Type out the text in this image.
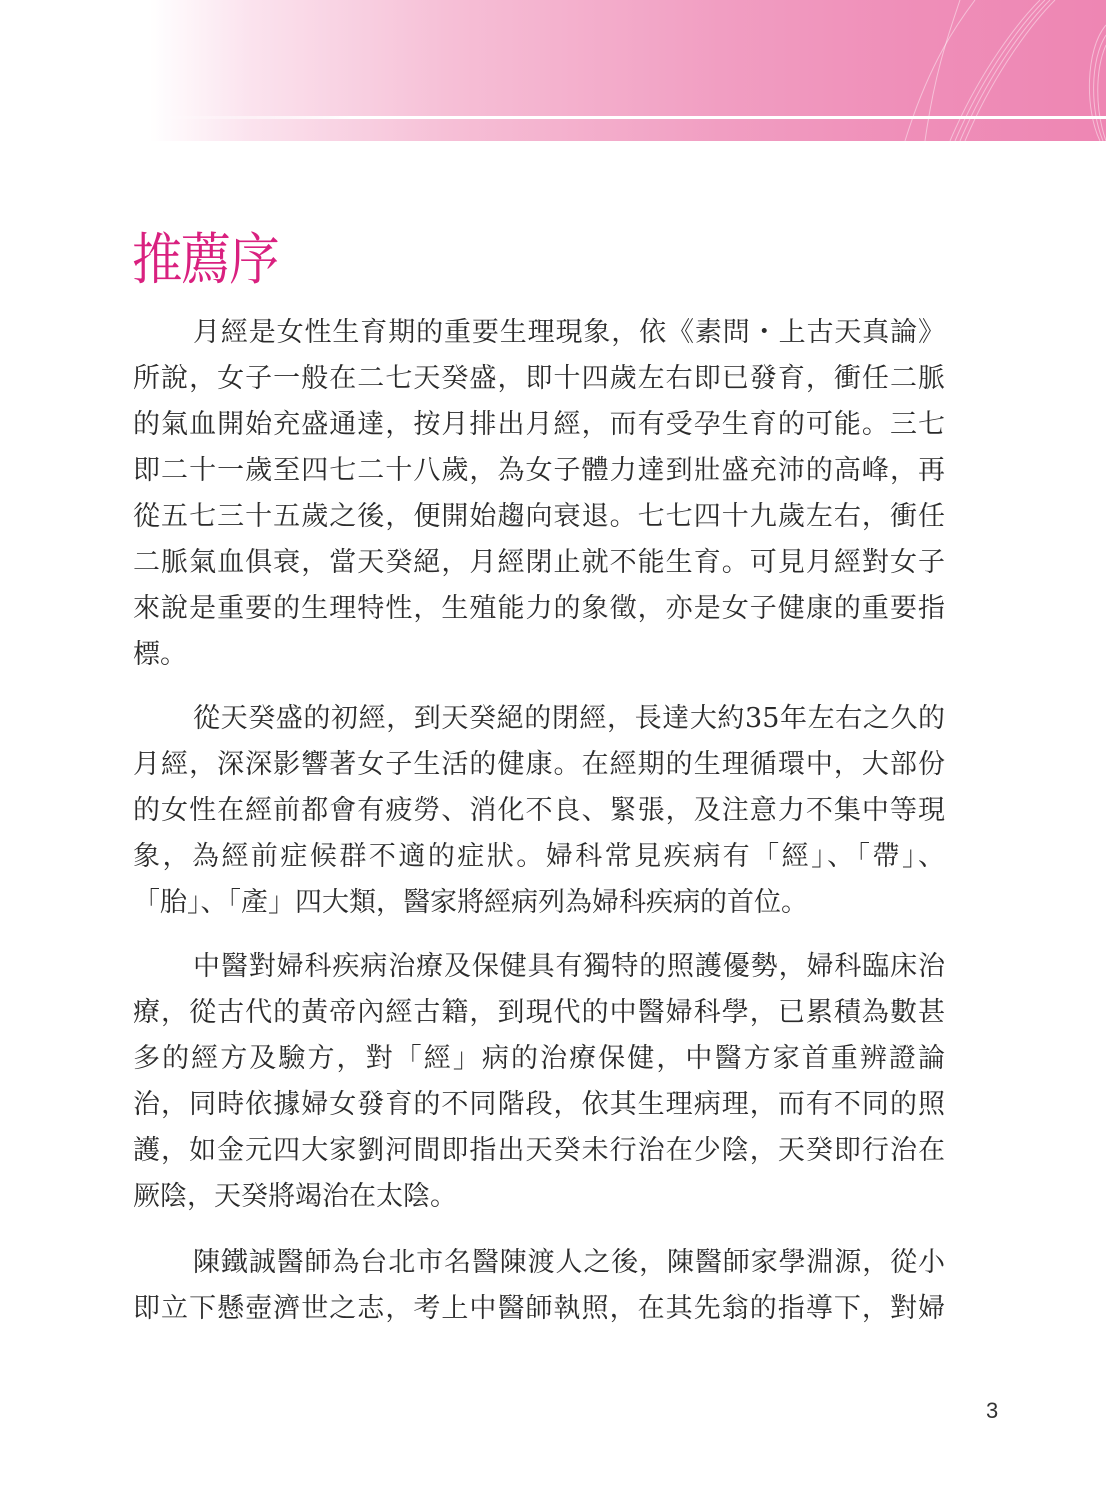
推薦序
月經是女性生育期的重要生理現象，依《素問・上古天真論》
所說，女子一般在二七天癸盛，即十四歲左右即已發育，衝任二脈
的氣血開始充盛通達，按月排出月經，而有受孕生育的可能。三七
即二十一歲至四七二十八歲，為女子體力達到壯盛充沛的高峰，再
從五七三十五歲之後，便開始趨向衰退。七七四十九歲左右，衝任
二脈氣血俱衰，當天癸絕，月經閉止就不能生育。可見月經對女子
來說是重要的生理特性，生殖能力的象徵，亦是女子健康的重要指
標。
從天癸盛的初經，到天癸絕的閉經，長達大約35年左右之久的
月經，深深影響著女子生活的健康。在經期的生理循環中，大部份
的女性在經前都會有疲勞、消化不良、緊張，及注意力不集中等現
象，為經前症候群不適的症狀。婦科常見疾病有「經」、「帶」、
「胎」、「產」四大類，醫家將經病列為婦科疾病的首位。
中醫對婦科疾病治療及保健具有獨特的照護優勢，婦科臨床治
療，從古代的黃帝內經古籍，到現代的中醫婦科學，已累積為數甚
多的經方及驗方，對「經」病的治療保健，中醫方家首重辨證論
治，同時依據婦女發育的不同階段，依其生理病理，而有不同的照
護，如金元四大家劉河間即指出天癸未行治在少陰，天癸即行治在
厥陰，天癸將竭治在太陰。
陳鐵誠醫師為台北市名醫陳渡人之後，陳醫師家學淵源，從小
即立下懸壺濟世之志，考上中醫師執照，在其先翁的指導下，對婦
3
